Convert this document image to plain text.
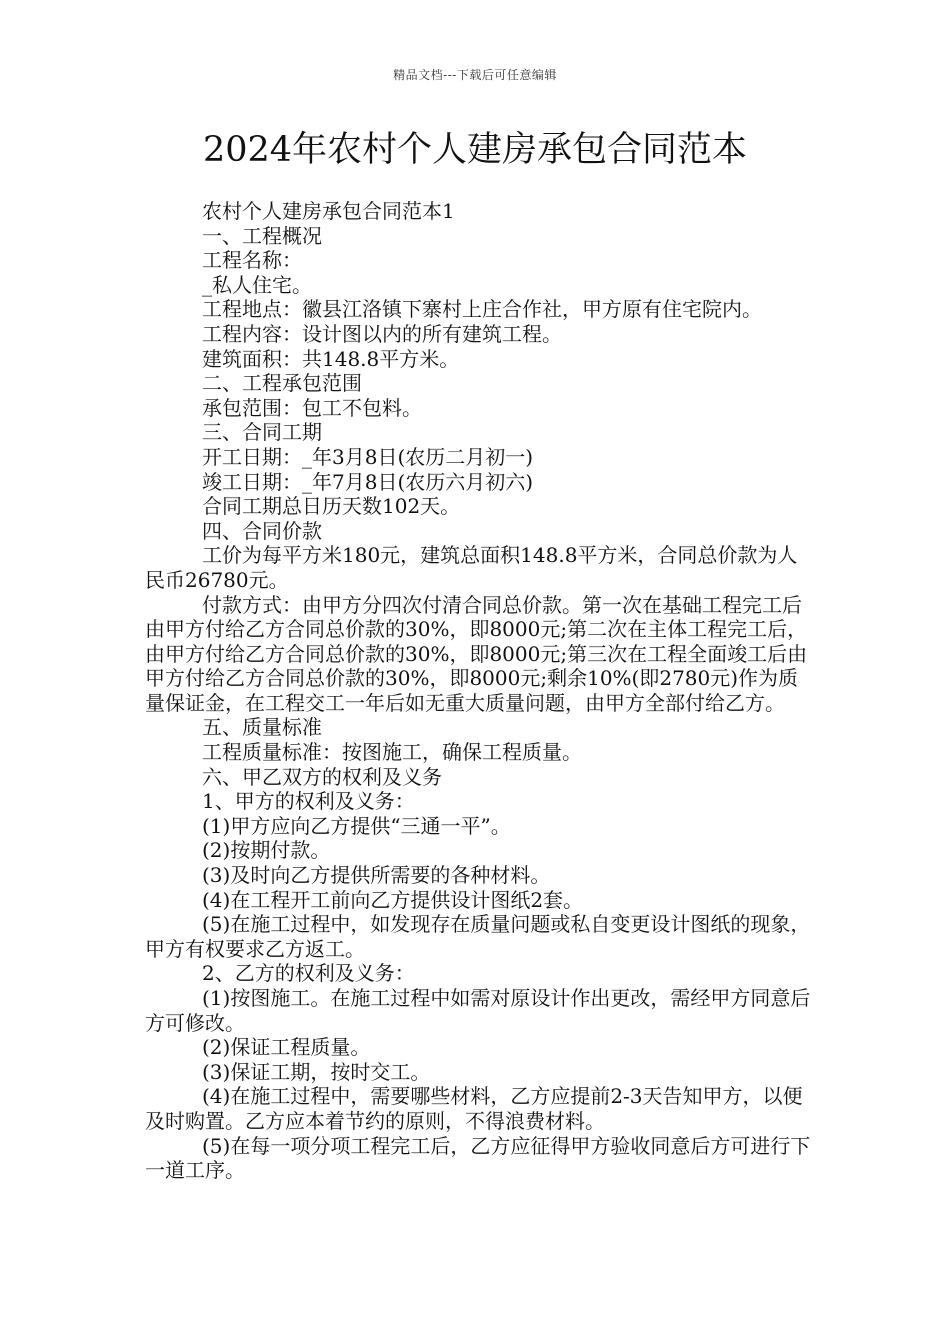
精品文档---下载后可任意编辑
2024年农村个人建房承包合同范本

农村个人建房承包合同范本1

一、工程概况

工程名称：

_私人住宅。

工程地点：徽县江洛镇下寨村上庄合作社，甲方原有住宅院内。

工程内容：设计图以内的所有建筑工程。

建筑面积：共148.8平方米。

二、工程承包范围

承包范围：包工不包料。

三、合同工期

开工日期：_年3月8日(农历二月初一)

竣工日期：_年7月8日(农历六月初六)

合同工期总日历天数102天。

四、合同价款

工价为每平方米180元，建筑总面积148.8平方米，合同总价款为人民币26780元。

付款方式：由甲方分四次付清合同总价款。第一次在基础工程完工后由甲方付给乙方合同总价款的30%，即8000元;第二次在主体工程完工后，由甲方付给乙方合同总价款的30%，即8000元;第三次在工程全面竣工后由甲方付给乙方合同总价款的30%，即8000元;剩余10%(即2780元)作为质量保证金，在工程交工一年后如无重大质量问题，由甲方全部付给乙方。

五、质量标准

工程质量标准：按图施工，确保工程质量。

六、甲乙双方的权利及义务

1、甲方的权利及义务：

(1)甲方应向乙方提供“三通一平”。

(2)按期付款。

(3)及时向乙方提供所需要的各种材料。

(4)在工程开工前向乙方提供设计图纸2套。

(5)在施工过程中，如发现存在质量问题或私自变更设计图纸的现象，甲方有权要求乙方返工。

2、乙方的权利及义务：

(1)按图施工。在施工过程中如需对原设计作出更改，需经甲方同意后方可修改。

(2)保证工程质量。

(3)保证工期，按时交工。

(4)在施工过程中，需要哪些材料，乙方应提前2-3天告知甲方，以便及时购置。乙方应本着节约的原则，不得浪费材料。

(5)在每一项分项工程完工后，乙方应征得甲方验收同意后方可进行下一道工序。
